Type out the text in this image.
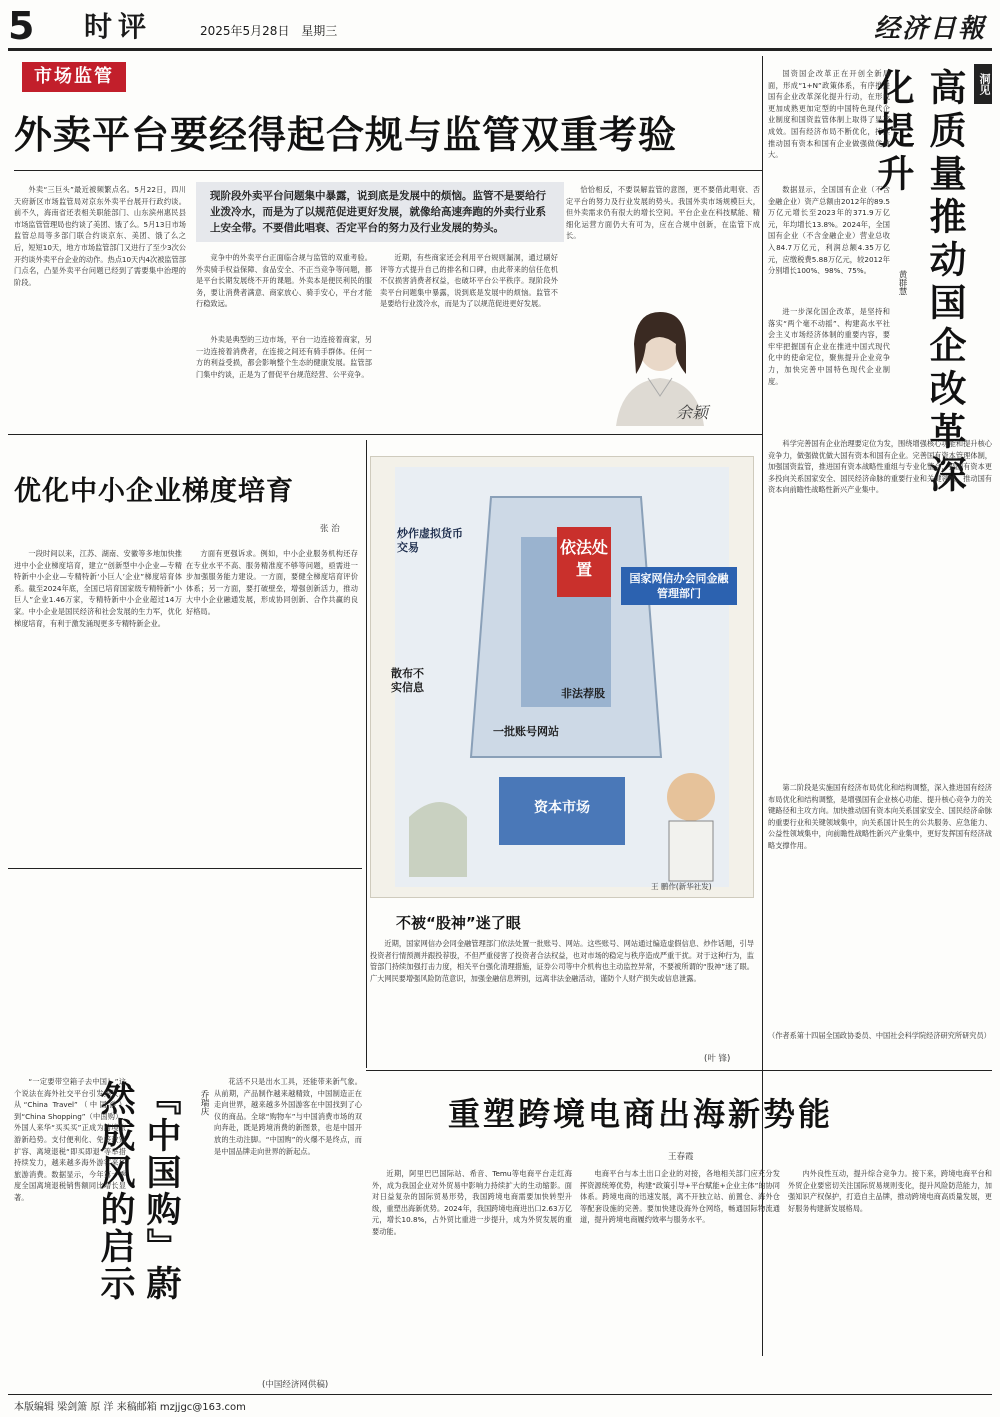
5 时评	2025年5月28日 星期三	经济日報
市场监管
外卖平台要经得起合规与监管双重考验

外卖“三巨头”最近被频繁点名。5月22日，四川天府新区市场监管局对京东外卖平台展开行政约谈。前不久，海南省还表相关职能部门、山东滨州惠民县市场监管管理局也约谈了美团、饿了么。5月13日市场监管总局等多部门联合约谈京东、美团、饿了么之后，短短10天，地方市场监管部门又进行了至少3次公开约谈外卖平台企业的动作。热点10天内4次被监管部门点名，凸显外卖平台问题已经到了需要集中治理的阶段。

现阶段外卖平台问题集中暴露，说到底是发展中的烦恼。监管不是要给行业泼冷水，而是为了以规范促进更好发展，就像给高速奔跑的外卖行业系上安全带。不要借此唱衰、否定平台的努力及行业发展的势头。

竞争中的外卖平台正面临合规与监管的双重考验。外卖骑手权益保障、食品安全、不正当竞争等问题，都是平台长期发展绕不开的课题。外卖本是便民利民的服务，要让消费者满意、商家放心、骑手安心，平台才能行稳致远。

外卖是典型的三边市场，平台一边连接着商家，另一边连接着消费者，在连接之间还有骑手群体。任何一方的利益受损，都会影响整个生态的健康发展。监管部门集中约谈，正是为了督促平台规范经营、公平竞争。

近期，有些商家还会利用平台规则漏洞，通过刷好评等方式提升自己的排名和口碑，由此带来的信任危机不仅损害消费者权益，也破坏平台公平秩序。现阶段外卖平台问题集中暴露，说到底是发展中的烦恼。监管不是要给行业泼冷水，而是为了以规范促进更好发展。

恰恰相反，不要误解监管的意图，更不要借此唱衰、否定平台的努力及行业发展的势头。我国外卖市场规模巨大，但外卖需求仍有很大的增长空间。平台企业在科技赋能、精细化运营方面仍大有可为，应在合规中创新，在监管下成长。

余颖
优化中小企业梯度培育
张 治

一段时间以来，江苏、湖南、安徽等多地加快推进中小企业梯度培育，建立“创新型中小企业—专精特新中小企业—专精特新‘小巨人’企业”梯度培育体系。截至2024年底，全国已培育国家级专精特新“小巨人”企业1.46万家，专精特新中小企业超过14万家。中小企业是国民经济和社会发展的生力军，优化梯度培育，有利于激发涌现更多专精特新企业。

方面有更强诉求。例如，中小企业服务机构还存在专业水平不高、服务精准度不够等问题，亟需进一步加强服务能力建设。一方面，要健全梯度培育评价体系；另一方面，要打破壁垒，增强创新活力，推动大中小企业融通发展，形成协同创新、合作共赢的良好格局。

炒作虚拟货币交易	依法处置	国家网信办会同金融管理部门
散布不实信息	非法荐股
一批账号网站
资本市场
王 鹏作(新华社发)
不被“股神”迷了眼

近期，国家网信办会同金融管理部门依法处置一批账号、网站。这些账号、网站通过编造虚假信息、炒作话题，引导投资者行情预测并跟投荐股，不但严重侵害了投资者合法权益，也对市场的稳定与秩序造成严重干扰。对于这种行为，监管部门持续加强打击力度，相关平台强化清理措施，证券公司等中介机构也主动监控异常，不要被所谓的“股神”迷了眼。广大网民要增强风险防范意识，加强金融信息辨别，远离非法金融活动，谨防个人财产损失或信息泄露。

(叶 锋)
洞见
高质量推动国企改革深化提升
黄群慧

国资国企改革正在开创全新局面，形成“1+N”政策体系，有序推进国有企业改革深化提升行动，在形成更加成熟更加定型的中国特色现代企业制度和国资监管体制上取得了显著成效。国有经济布局不断优化，持续推动国有资本和国有企业做强做优做大。

数据显示，全国国有企业（不含金融企业）资产总额由2012年的89.5万亿元增长至2023年的371.9万亿元，年均增长13.8%。2024年，全国国有企业（不含金融企业）营业总收入84.7万亿元，利润总额4.35万亿元，应缴税费5.88万亿元，较2012年分别增长100%、98%、75%。

进一步深化国企改革，是坚持和落实“两个毫不动摇”、构建高水平社会主义市场经济体制的重要内容，要牢牢把握国有企业在推进中国式现代化中的使命定位，聚焦提升企业竞争力，加快完善中国特色现代企业制度。

科学完善国有企业治理要定位为发，围绕增强核心功能和提升核心竞争力，做强做优做大国有资本和国有企业。完善国有资本管理体制，加强国资监管，推进国有资本战略性重组与专业化整合，把国有资本更多投向关系国家安全、国民经济命脉的重要行业和关键领域，推动国有资本向前瞻性战略性新兴产业集中。

第二阶段是实施国有经济布局优化和结构调整，深入推进国有经济布局优化和结构调整，是增强国有企业核心功能、提升核心竞争力的关键路径和主攻方向。加快推动国有资本向关系国家安全、国民经济命脉的重要行业和关键领域集中，向关系国计民生的公共服务、应急能力、公益性领域集中，向前瞻性战略性新兴产业集中，更好发挥国有经济战略支撑作用。

（作者系第十四届全国政协委员、中国社会科学院经济研究所研究员）
『中国购』蔚然成风的启示	乔瑞庆

“一定要带空箱子去中国！”这个说法在海外社交平台引发热议。从“China Travel”（中国游）到“China Shopping”（中国购），外国人来华“买买买”正成为跨境旅游新趋势。支付便利化、免签政策扩容、离境退税“即买即退”等举措持续发力，越来越多海外游客来华旅游消费。数据显示，今年第一季度全国离境退税销售额同比增长显著。

花活不只是出水工具，还能带来新气象。从前期，产品制作越来越精致，中国制造正在走向世界，越来越多外国游客在中国找到了心仪的商品。全球“购物车”与中国消费市场的双向奔赴，既是跨境消费的新图景，也是中国开放的生动注脚。“中国购”的火爆不是终点，而是中国品牌走向世界的新起点。

(中国经济网供稿)
重塑跨境电商出海新势能
王春霞

近期，阿里巴巴国际站、希音、Temu等电商平台走红海外，成为我国企业对外贸易中影响力持续扩大的生动缩影。面对日益复杂的国际贸易形势，我国跨境电商需要加快转型升级，重塑出海新优势。2024年，我国跨境电商进出口2.63万亿元，增长10.8%，占外贸比重进一步提升，成为外贸发展的重要动能。

电商平台与本土出口企业的对接，各地相关部门应充分发挥资源统筹优势，构建“政策引导+平台赋能+企业主体”的协同体系。跨境电商的迅速发展，离不开独立站、前置仓、海外仓等配套设施的完善。要加快建设海外仓网络，畅通国际物流通道，提升跨境电商履约效率与服务水平。

内外良性互动，提升综合竞争力。接下来，跨境电商平台和外贸企业要密切关注国际贸易规则变化，提升风险防范能力，加强知识产权保护，打造自主品牌，推动跨境电商高质量发展，更好服务构建新发展格局。

本版编辑 梁剑箫 原 洋 来稿邮箱 mzjjgc@163.com
